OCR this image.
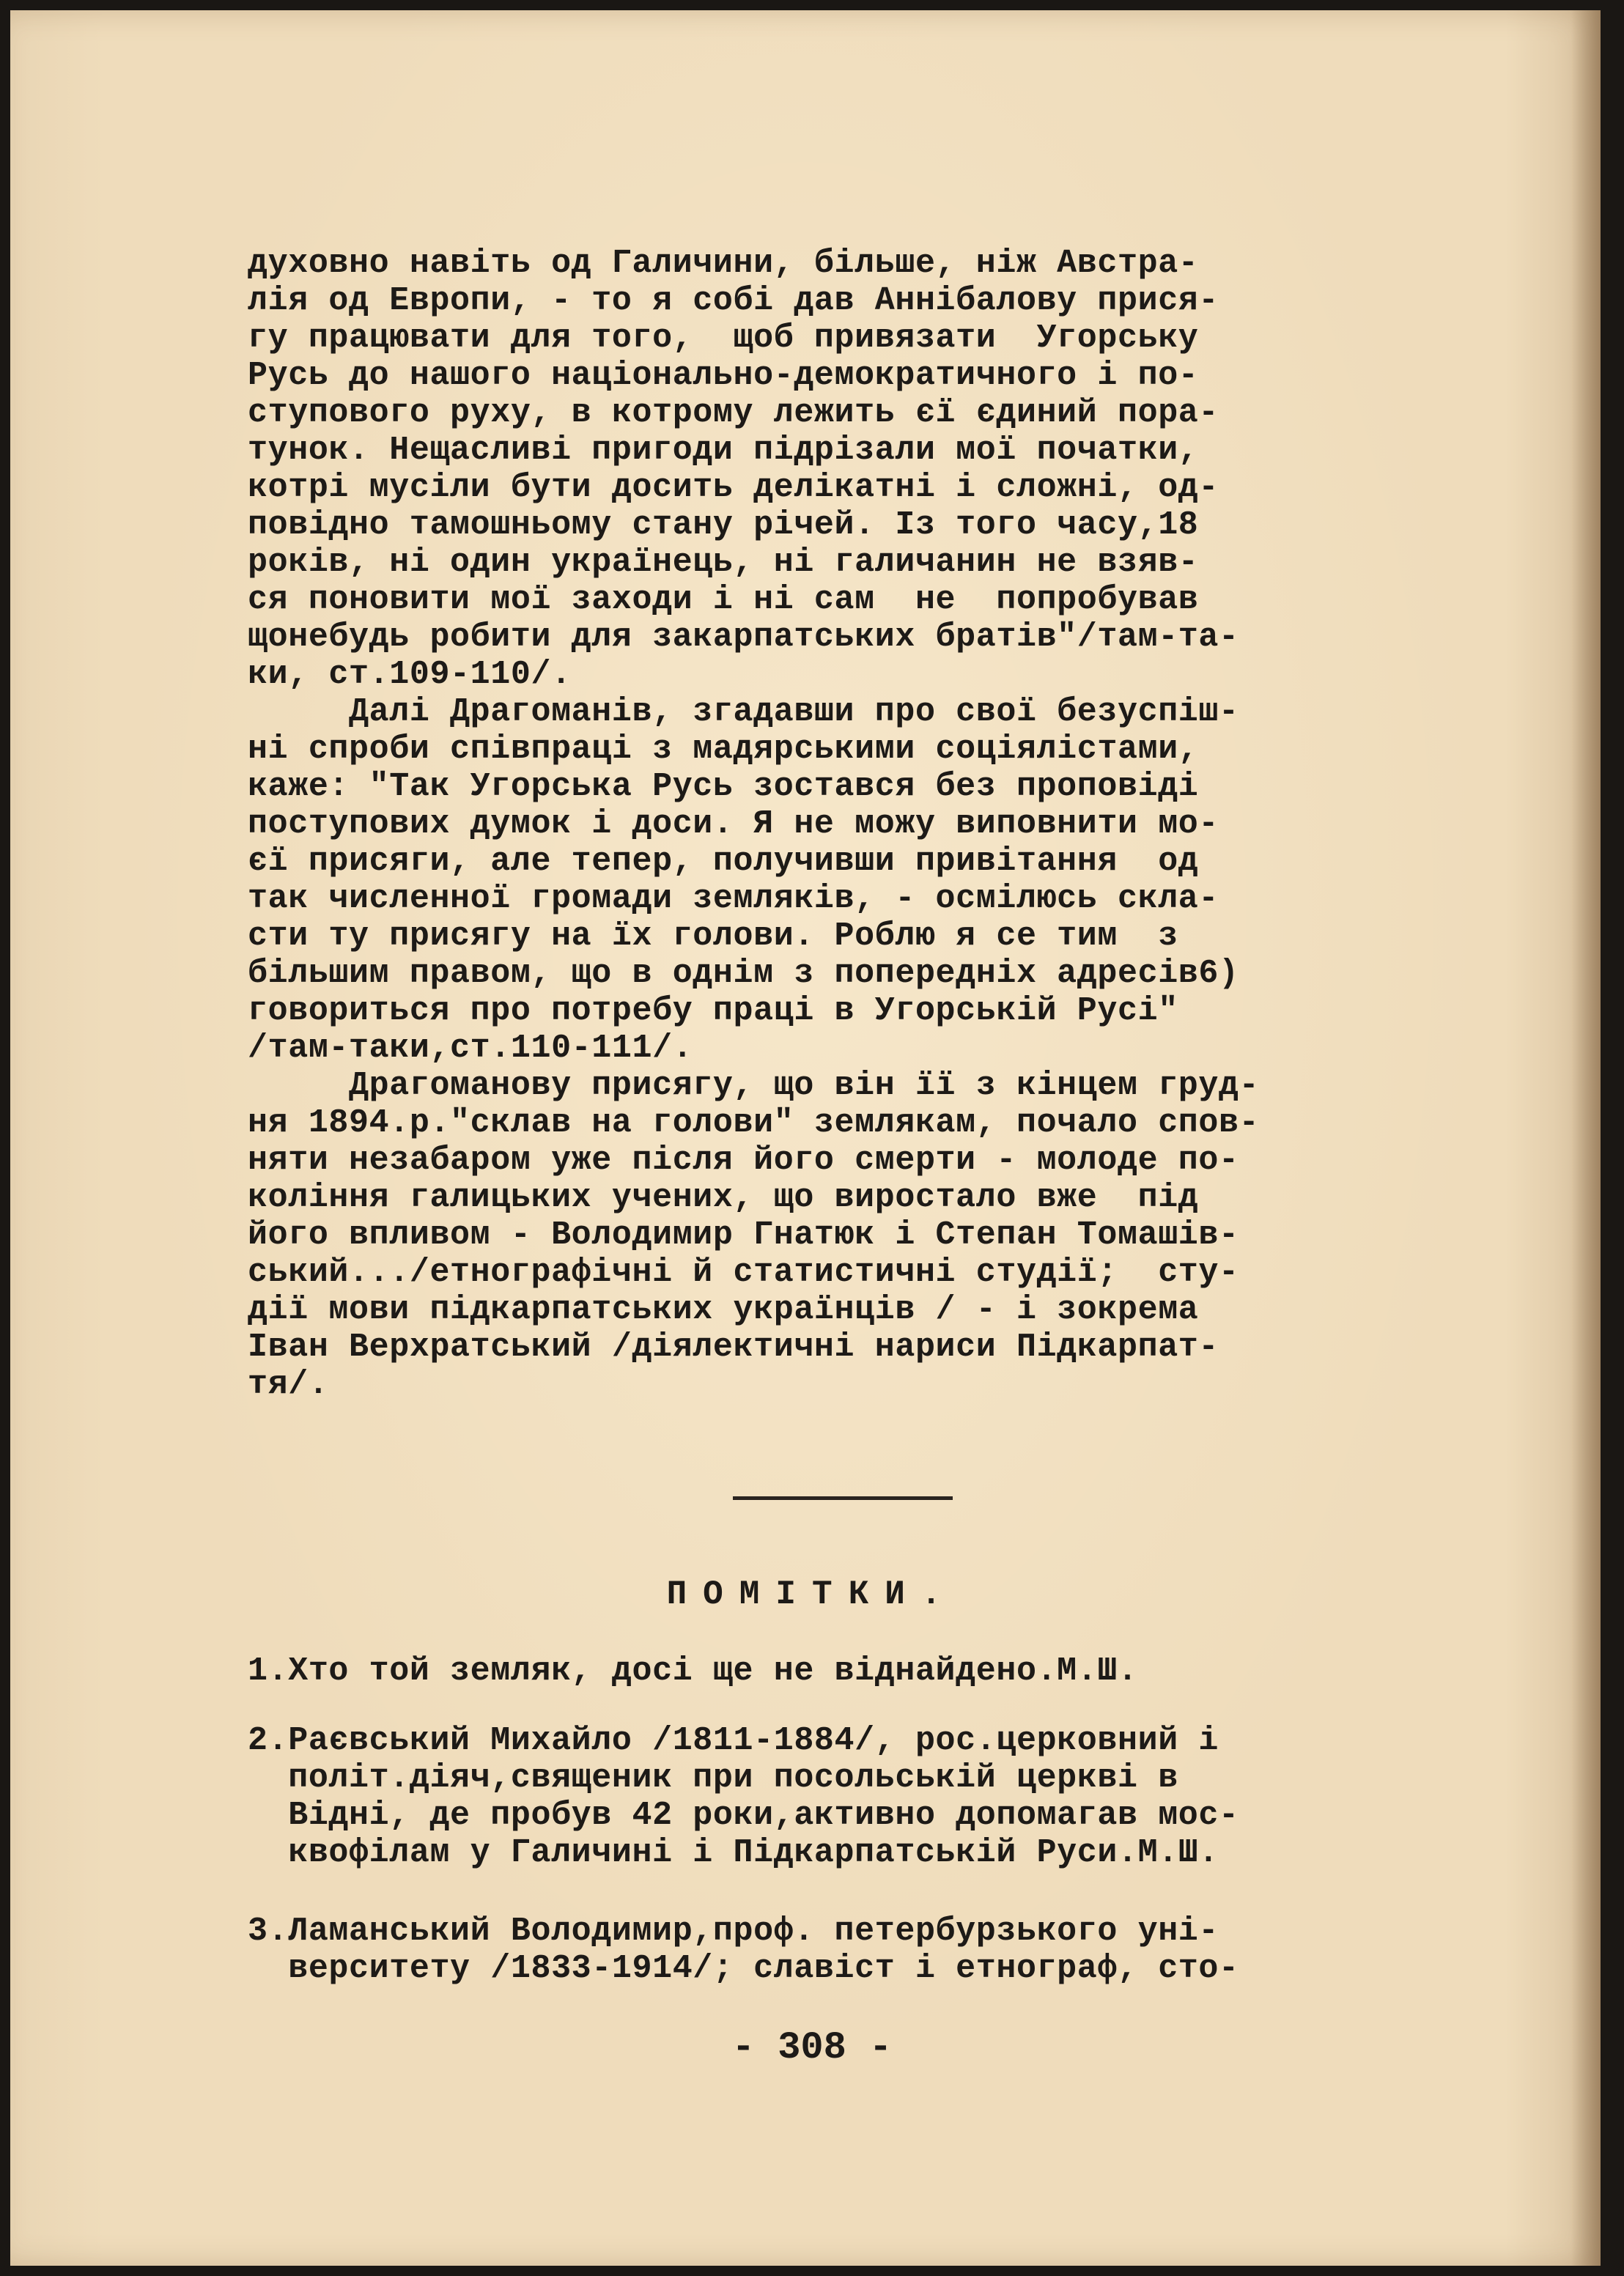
духовно навіть од Галичини, більше, ніж Австра-
лія од Европи, - то я собі дав Аннібалову прися-
гу працювати для того,  щоб привязати  Угорську
Русь до нашого національно-демократичного і по-
ступового руху, в котрому лежить єї єдиний пора-
тунок. Нещасливі пригоди підрізали мої початки,
котрі мусіли бути досить делікатні і сложні, од-
повідно тамошньому стану річей. Із того часу,18
років, ні один українець, ні галичанин не взяв-
ся поновити мої заходи і ні сам  не  попробував
щонебудь робити для закарпатських братів"/там-та-
ки, ст.109-110/.
Далі Драгоманів, згадавши про свої безуспіш-
ні спроби співпраці з мадярськими соціялістами,
каже: "Так Угорська Русь зостався без проповіді
поступових думок і доси. Я не можу виповнити мо-
єї присяги, але тепер, получивши привітання  од
так численної громади земляків, - осмілюсь скла-
сти ту присягу на їх голови. Роблю я се тим  з
більшим правом, що в однім з попередніх адресів6)
говориться про потребу праці в Угорській Русі"
/там-таки,ст.110-111/.
Драгоманову присягу, що він її з кінцем груд-
ня 1894.р."склав на голови" землякам, почало спов-
няти незабаром уже після його смерти - молоде по-
коління галицьких учених, що виростало вже  під
його впливом - Володимир Гнатюк і Степан Томашів-
ський.../етнографічні й статистичні студії;  сту-
дії мови підкарпатських українців / - і зокрема
Іван Верхратський /діялектичні нариси Підкарпат-
тя/.
ПОМІТКИ.
1.Хто той земляк, досі ще не віднайдено.М.Ш.
2.Раєвський Михайло /1811-1884/, рос.церковний і
політ.діяч,священик при посольській церкві в
Відні, де пробув 42 роки,активно допомагав мос-
квофілам у Галичині і Підкарпатській Руси.М.Ш.
3.Ламанський Володимир,проф. петербурзького уні-
верситету /1833-1914/; славіст і етнограф, сто-
- 308 -
